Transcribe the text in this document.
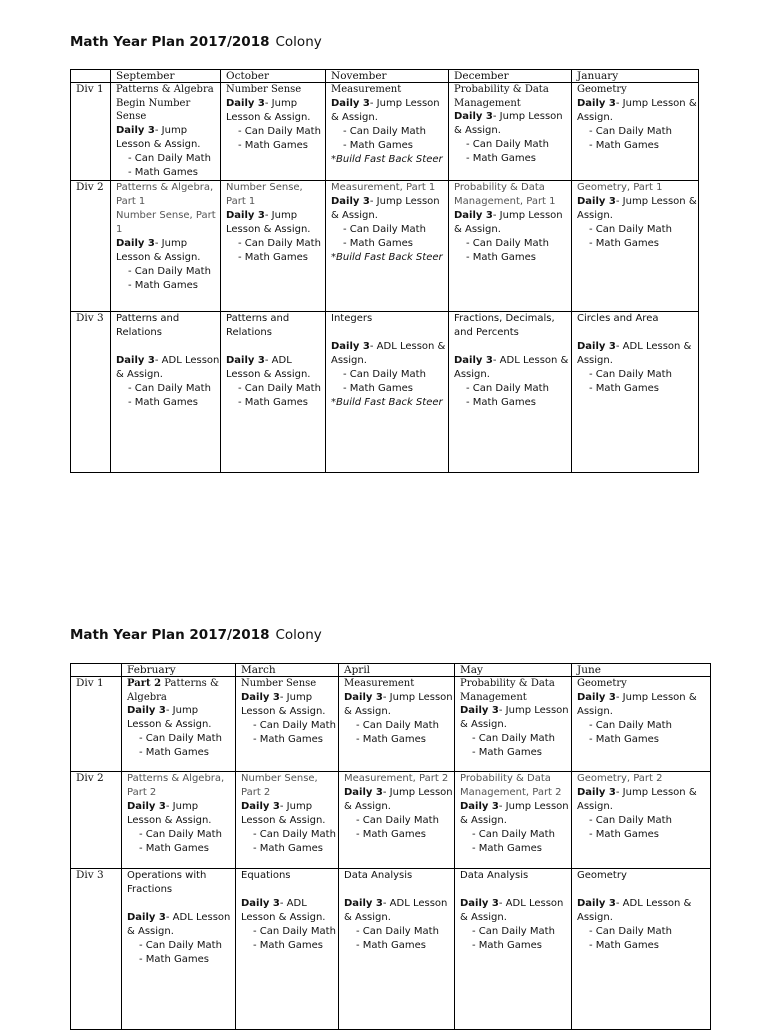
Math Year Plan 2017/2018 Colony
	September	October	November	December	January
Div 1	Patterns & Algebra
Begin Number Sense
Daily 3- Jump Lesson & Assign.
- Can Daily Math
- Math Games	Number Sense
Daily 3- Jump Lesson & Assign.
- Can Daily Math
- Math Games	Measurement
Daily 3- Jump Lesson & Assign.
- Can Daily Math
- Math Games
*Build Fast Back Steer	Probability & Data Management
Daily 3- Jump Lesson & Assign.
- Can Daily Math
- Math Games	Geometry
Daily 3- Jump Lesson & Assign.
- Can Daily Math
- Math Games

Div 2	Patterns & Algebra, Part 1
Number Sense, Part 1
Daily 3- Jump Lesson & Assign.
- Can Daily Math
- Math Games	Number Sense, Part 1
Daily 3- Jump Lesson & Assign.
- Can Daily Math
- Math Games	Measurement, Part 1
Daily 3- Jump Lesson & Assign.
- Can Daily Math
- Math Games
*Build Fast Back Steer	Probability & Data Management, Part 1
Daily 3- Jump Lesson & Assign.
- Can Daily Math
- Math Games	Geometry, Part 1
Daily 3- Jump Lesson & Assign.
- Can Daily Math
- Math Games

Div 3	Patterns and Relations
Daily 3- ADL Lesson & Assign.
- Can Daily Math
- Math Games	Patterns and Relations
Daily 3- ADL Lesson & Assign.
- Can Daily Math
- Math Games	Integers
Daily 3- ADL Lesson & Assign.
- Can Daily Math
- Math Games
*Build Fast Back Steer	Fractions, Decimals, and Percents
Daily 3- ADL Lesson & Assign.
- Can Daily Math
- Math Games	Circles and Area
Daily 3- ADL Lesson & Assign.
- Can Daily Math
- Math Games
Math Year Plan 2017/2018 Colony
	February	March	April	May	June
Div 1	Part 2 Patterns & Algebra
Daily 3- Jump Lesson & Assign.
- Can Daily Math
- Math Games	Number Sense
Daily 3- Jump Lesson & Assign.
- Can Daily Math
- Math Games	Measurement
Daily 3- Jump Lesson & Assign.
- Can Daily Math
- Math Games	Probability & Data Management
Daily 3- Jump Lesson & Assign.
- Can Daily Math
- Math Games	Geometry
Daily 3- Jump Lesson & Assign.
- Can Daily Math
- Math Games

Div 2	Patterns & Algebra, Part 2
Daily 3- Jump Lesson & Assign.
- Can Daily Math
- Math Games	Number Sense, Part 2
Daily 3- Jump Lesson & Assign.
- Can Daily Math
- Math Games	Measurement, Part 2
Daily 3- Jump Lesson & Assign.
- Can Daily Math
- Math Games	Probability & Data Management, Part 2
Daily 3- Jump Lesson & Assign.
- Can Daily Math
- Math Games	Geometry, Part 2
Daily 3- Jump Lesson & Assign.
- Can Daily Math
- Math Games

Div 3	Operations with Fractions
Daily 3- ADL Lesson & Assign.
- Can Daily Math
- Math Games	Equations
Daily 3- ADL Lesson & Assign.
- Can Daily Math
- Math Games	Data Analysis
Daily 3- ADL Lesson & Assign.
- Can Daily Math
- Math Games	Data Analysis
Daily 3- ADL Lesson & Assign.
- Can Daily Math
- Math Games	Geometry
Daily 3- ADL Lesson & Assign.
- Can Daily Math
- Math Games
